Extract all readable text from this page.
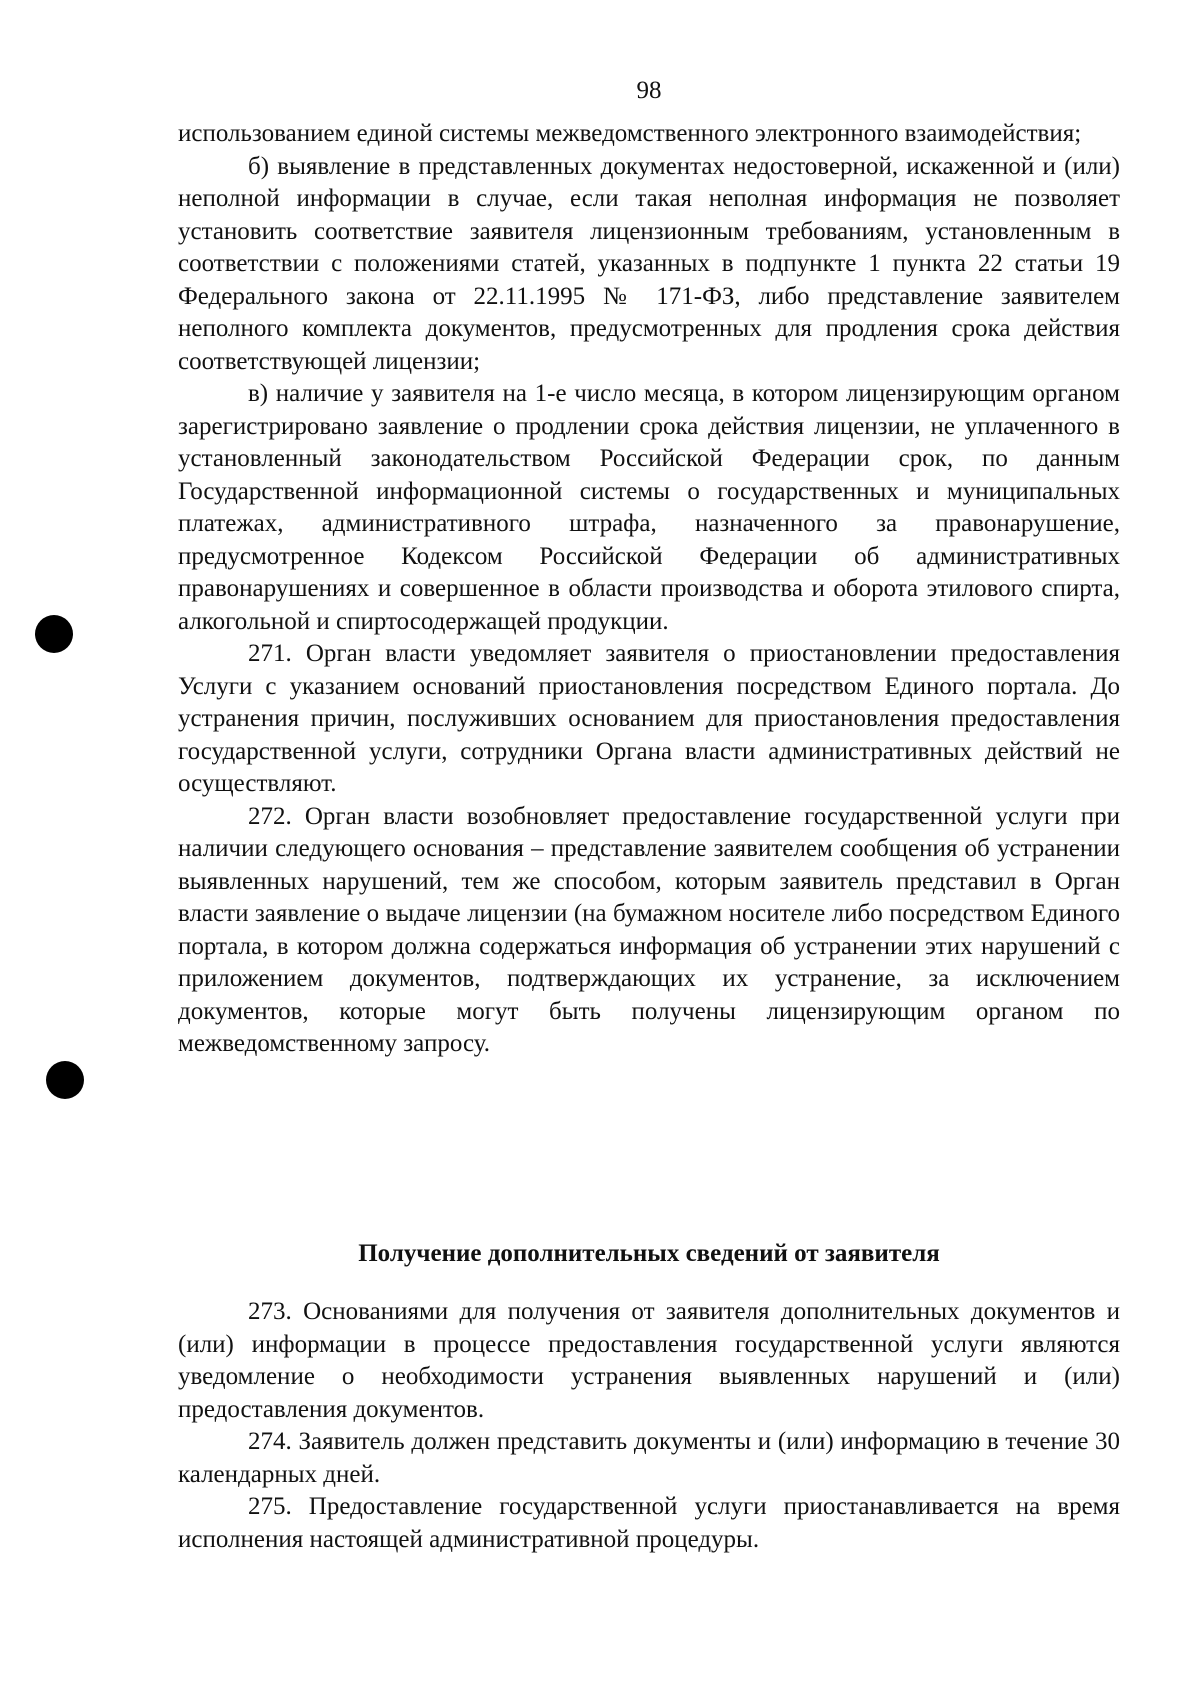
98

использованием единой системы межведомственного электронного взаимодействия;

б) выявление в представленных документах недостоверной, искаженной и (или) неполной информации в случае, если такая неполная информация не позволяет установить соответствие заявителя лицензионным требованиям, установленным в соответствии с положениями статей, указанных в подпункте 1 пункта 22 статьи 19 Федерального закона от 22.11.1995 № 171-ФЗ, либо представление заявителем неполного комплекта документов, предусмотренных для продления срока действия соответствующей лицензии;

в) наличие у заявителя на 1-е число месяца, в котором лицензирующим органом зарегистрировано заявление о продлении срока действия лицензии, не уплаченного в установленный законодательством Российской Федерации срок, по данным Государственной информационной системы о государственных и муниципальных платежах, административного штрафа, назначенного за правонарушение, предусмотренное Кодексом Российской Федерации об административных правонарушениях и совершенное в области производства и оборота этилового спирта, алкогольной и спиртосодержащей продукции.

271. Орган власти уведомляет заявителя о приостановлении предоставления Услуги с указанием оснований приостановления посредством Единого портала. До устранения причин, послуживших основанием для приостановления предоставления государственной услуги, сотрудники Органа власти административных действий не осуществляют.

272. Орган власти возобновляет предоставление государственной услуги при наличии следующего основания – представление заявителем сообщения об устранении выявленных нарушений, тем же способом, которым заявитель представил в Орган власти заявление о выдаче лицензии (на бумажном носителе либо посредством Единого портала, в котором должна содержаться информация об устранении этих нарушений с приложением документов, подтверждающих их устранение, за исключением документов, которые могут быть получены лицензирующим органом по межведомственному запросу.

Получение дополнительных сведений от заявителя

273. Основаниями для получения от заявителя дополнительных документов и (или) информации в процессе предоставления государственной услуги являются уведомление о необходимости устранения выявленных нарушений и (или) предоставления документов.

274. Заявитель должен представить документы и (или) информацию в течение 30 календарных дней.

275. Предоставление государственной услуги приостанавливается на время исполнения настоящей административной процедуры.
